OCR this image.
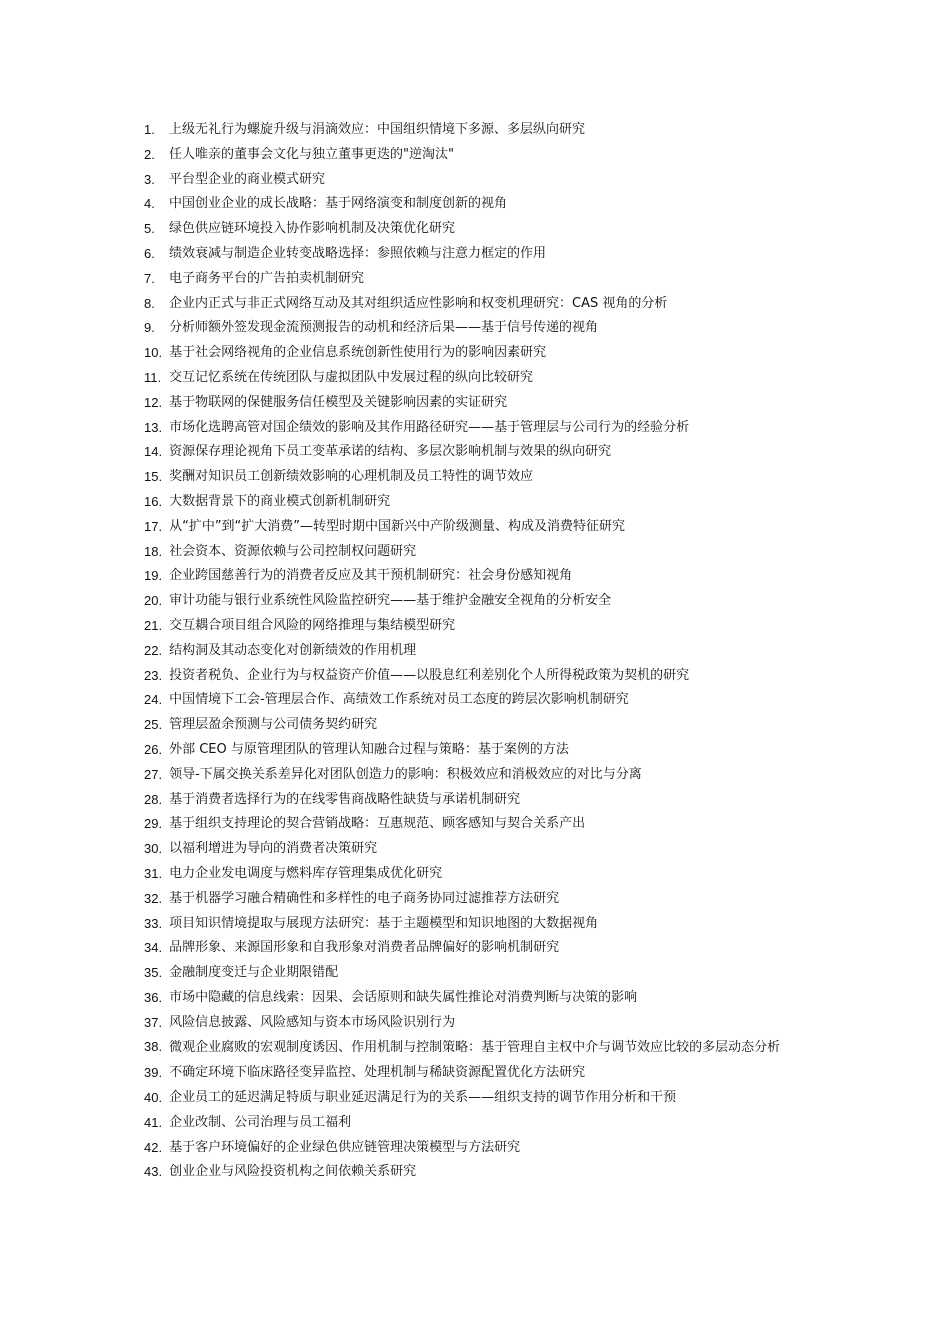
1.	上级无礼行为螺旋升级与涓滴效应：中国组织情境下多源、多层纵向研究
2.	任人唯亲的董事会文化与独立董事更迭的"逆淘汰"
3.	平台型企业的商业模式研究
4.	中国创业企业的成长战略：基于网络演变和制度创新的视角
5.	绿色供应链环境投入协作影响机制及决策优化研究
6.	绩效衰减与制造企业转变战略选择：参照依赖与注意力框定的作用
7.	电子商务平台的广告拍卖机制研究
8.	企业内正式与非正式网络互动及其对组织适应性影响和权变机理研究：CAS 视角的分析
9.	分析师额外签发现金流预测报告的动机和经济后果——基于信号传递的视角
10. 基于社会网络视角的企业信息系统创新性使用行为的影响因素研究
11. 交互记忆系统在传统团队与虚拟团队中发展过程的纵向比较研究
12. 基于物联网的保健服务信任模型及关键影响因素的实证研究
13. 市场化选聘高管对国企绩效的影响及其作用路径研究——基于管理层与公司行为的经验分析
14. 资源保存理论视角下员工变革承诺的结构、多层次影响机制与效果的纵向研究
15. 奖酬对知识员工创新绩效影响的心理机制及员工特性的调节效应
16. 大数据背景下的商业模式创新机制研究
17. 从“扩中”到“扩大消费”—转型时期中国新兴中产阶级测量、构成及消费特征研究
18. 社会资本、资源依赖与公司控制权问题研究
19. 企业跨国慈善行为的消费者反应及其干预机制研究：社会身份感知视角
20. 审计功能与银行业系统性风险监控研究——基于维护金融安全视角的分析安全
21. 交互耦合项目组合风险的网络推理与集结模型研究
22. 结构洞及其动态变化对创新绩效的作用机理
23. 投资者税负、企业行为与权益资产价值——以股息红利差别化个人所得税政策为契机的研究
24. 中国情境下工会-管理层合作、高绩效工作系统对员工态度的跨层次影响机制研究
25. 管理层盈余预测与公司债务契约研究
26. 外部 CEO 与原管理团队的管理认知融合过程与策略：基于案例的方法
27. 领导-下属交换关系差异化对团队创造力的影响：积极效应和消极效应的对比与分离
28. 基于消费者选择行为的在线零售商战略性缺货与承诺机制研究
29. 基于组织支持理论的契合营销战略：互惠规范、顾客感知与契合关系产出
30. 以福利增进为导向的消费者决策研究
31. 电力企业发电调度与燃料库存管理集成优化研究
32. 基于机器学习融合精确性和多样性的电子商务协同过滤推荐方法研究
33. 项目知识情境提取与展现方法研究：基于主题模型和知识地图的大数据视角
34. 品牌形象、来源国形象和自我形象对消费者品牌偏好的影响机制研究
35. 金融制度变迁与企业期限错配
36. 市场中隐藏的信息线索：因果、会话原则和缺失属性推论对消费判断与决策的影响
37. 风险信息披露、风险感知与资本市场风险识别行为
38. 微观企业腐败的宏观制度诱因、作用机制与控制策略：基于管理自主权中介与调节效应比较的多层动态分析
39. 不确定环境下临床路径变异监控、处理机制与稀缺资源配置优化方法研究
40. 企业员工的延迟满足特质与职业延迟满足行为的关系——组织支持的调节作用分析和干预
41. 企业改制、公司治理与员工福利
42. 基于客户环境偏好的企业绿色供应链管理决策模型与方法研究
43. 创业企业与风险投资机构之间依赖关系研究
